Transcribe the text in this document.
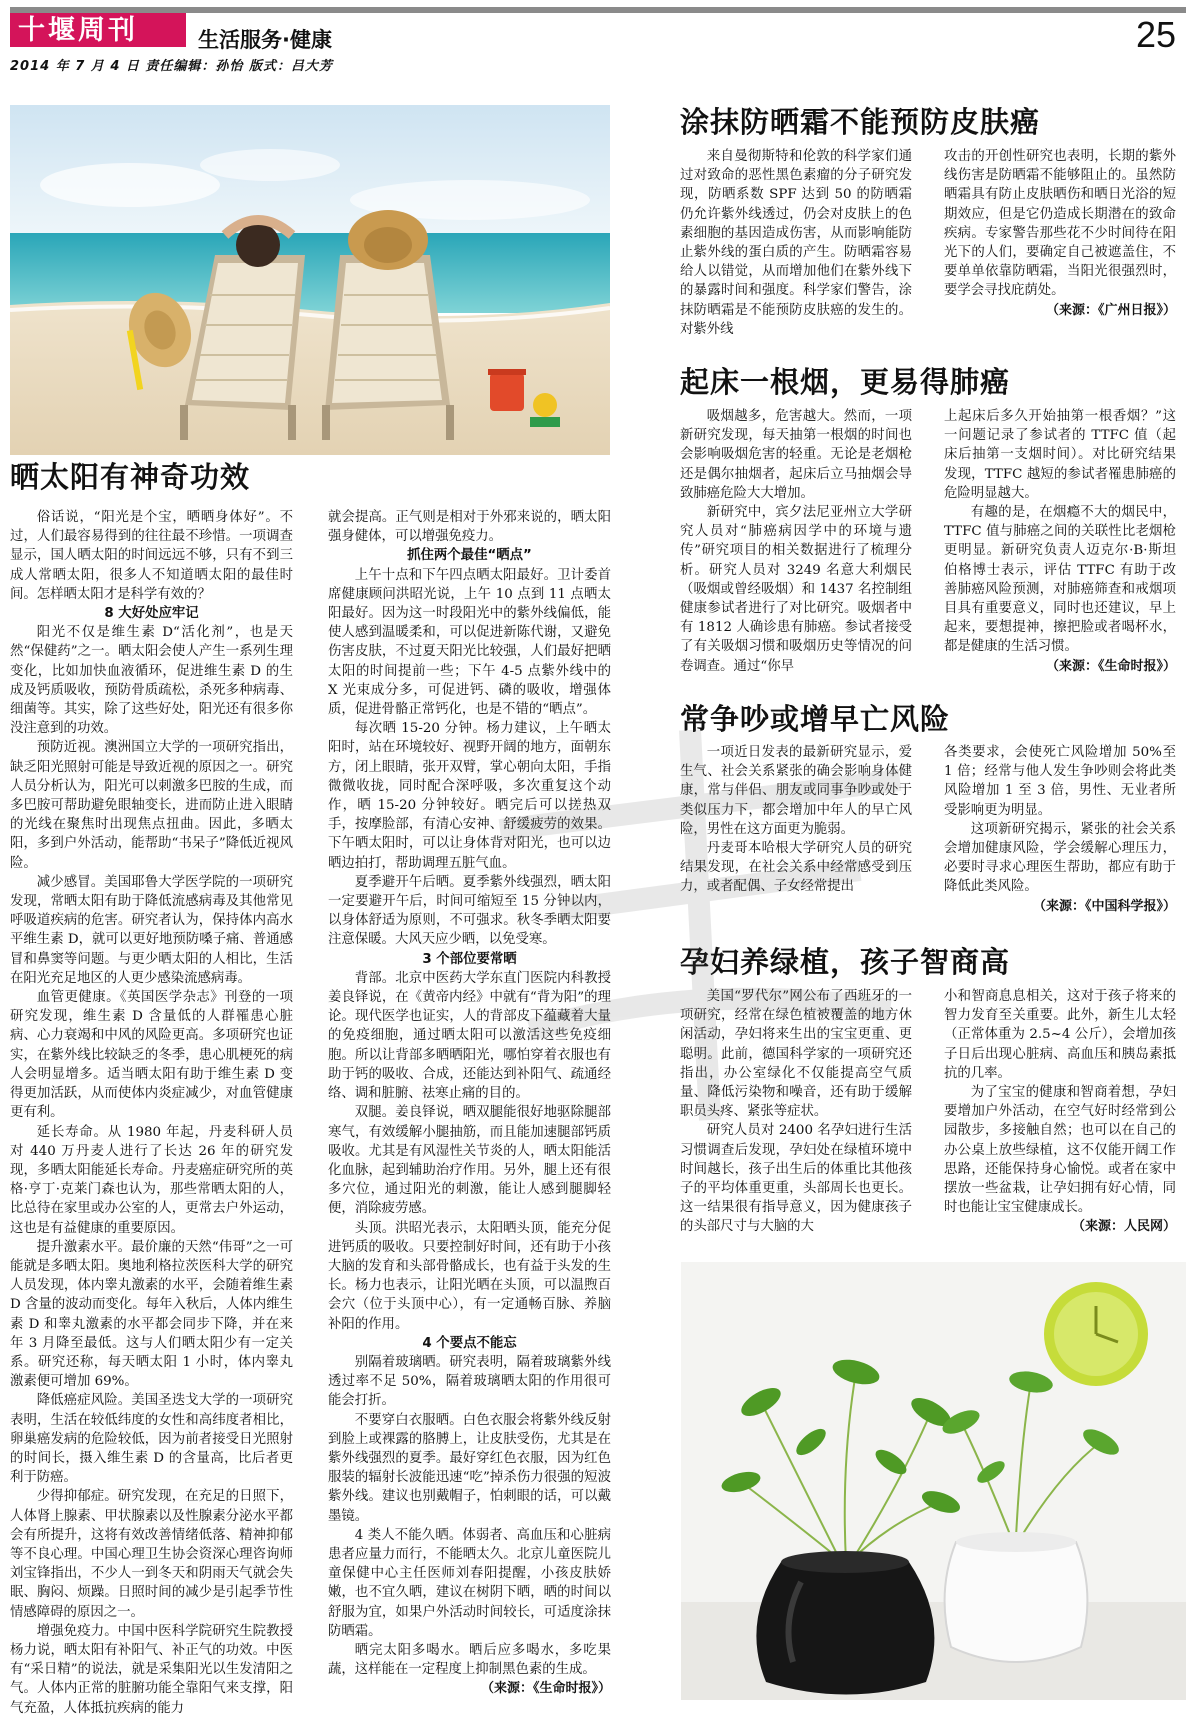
十堰周刊	生活服务·健康	25
2014 年 7 月 4 日 责任编辑：孙怡 版式：吕大芳
晒太阳有神奇功效

俗话说，“阳光是个宝，晒晒身体好”。不过，人们最容易得到的往往最不珍惜。一项调查显示，国人晒太阳的时间远远不够，只有不到三成人常晒太阳，很多人不知道晒太阳的最佳时间。怎样晒太阳才是科学有效的？

8 大好处应牢记

阳光不仅是维生素 D“活化剂”，也是天然“保健药”之一。晒太阳会使人产生一系列生理变化，比如加快血液循环，促进维生素 D 的生成及钙质吸收，预防骨质疏松，杀死多种病毒、细菌等。其实，除了这些好处，阳光还有很多你没注意到的功效。

预防近视。澳洲国立大学的一项研究指出，缺乏阳光照射可能是导致近视的原因之一。研究人员分析认为，阳光可以刺激多巴胺的生成，而多巴胺可帮助避免眼轴变长，进而防止进入眼睛的光线在聚焦时出现焦点扭曲。因此，多晒太阳，多到户外活动，能帮助“书呆子”降低近视风险。

减少感冒。美国耶鲁大学医学院的一项研究发现，常晒太阳有助于降低流感病毒及其他常见呼吸道疾病的危害。研究者认为，保持体内高水平维生素 D，就可以更好地预防嗓子痛、普通感冒和鼻窦等问题。与更少晒太阳的人相比，生活在阳光充足地区的人更少感染流感病毒。

血管更健康。《英国医学杂志》刊登的一项研究发现，维生素 D 含量低的人群罹患心脏病、心力衰竭和中风的风险更高。多项研究也证实，在紫外线比较缺乏的冬季，患心肌梗死的病人会明显增多。适当晒太阳有助于维生素 D 变得更加活跃，从而使体内炎症减少，对血管健康更有利。

延长寿命。从 1980 年起，丹麦科研人员对 440 万丹麦人进行了长达 26 年的研究发现，多晒太阳能延长寿命。丹麦癌症研究所的英格·亨丁·克莱门森也认为，那些常晒太阳的人，比总待在家里或办公室的人，更常去户外运动，这也是有益健康的重要原因。

提升激素水平。最价廉的天然“伟哥”之一可能就是多晒太阳。奥地利格拉茨医科大学的研究人员发现，体内睾丸激素的水平，会随着维生素 D 含量的波动而变化。每年入秋后，人体内维生素 D 和睾丸激素的水平都会同步下降，并在来年 3 月降至最低。这与人们晒太阳少有一定关系。研究还称，每天晒太阳 1 小时，体内睾丸激素便可增加 69%。

降低癌症风险。美国圣迭戈大学的一项研究表明，生活在较低纬度的女性和高纬度者相比，卵巢癌发病的危险较低，因为前者接受日光照射的时间长，摄入维生素 D 的含量高，比后者更利于防癌。

少得抑郁症。研究发现，在充足的日照下，人体肾上腺素、甲状腺素以及性腺素分泌水平都会有所提升，这将有效改善情绪低落、精神抑郁等不良心理。中国心理卫生协会资深心理咨询师刘宝锋指出，不少人一到冬天和阴雨天气就会失眠、胸闷、烦躁。日照时间的减少是引起季节性情感障碍的原因之一。

增强免疫力。中国中医科学院研究生院教授杨力说，晒太阳有补阳气、补正气的功效。中医有“采日精”的说法，就是采集阳光以生发清阳之气。人体内正常的脏腑功能全靠阳气来支撑，阳气充盈，人体抵抗疾病的能力

就会提高。正气则是相对于外邪来说的，晒太阳强身健体，可以增强免疫力。

抓住两个最佳“晒点”

上午十点和下午四点晒太阳最好。卫计委首席健康顾问洪昭光说，上午 10 点到 11 点晒太阳最好。因为这一时段阳光中的紫外线偏低，能使人感到温暖柔和，可以促进新陈代谢，又避免伤害皮肤，不过夏天阳光比较强，人们最好把晒太阳的时间提前一些；下午 4-5 点紫外线中的 X 光束成分多，可促进钙、磷的吸收，增强体质，促进骨骼正常钙化，也是不错的“晒点”。

每次晒 15-20 分钟。杨力建议，上午晒太阳时，站在环境较好、视野开阔的地方，面朝东方，闭上眼睛，张开双臂，掌心朝向太阳，手指微微收拢，同时配合深呼吸，多次重复这个动作，晒 15-20 分钟较好。晒完后可以搓热双手，按摩脸部，有清心安神、舒缓疲劳的效果。下午晒太阳时，可以让身体背对阳光，也可以边晒边拍打，帮助调理五脏气血。

夏季避开午后晒。夏季紫外线强烈，晒太阳一定要避开午后，时间可缩短至 15 分钟以内，以身体舒适为原则，不可强求。秋冬季晒太阳要注意保暖。大风天应少晒，以免受寒。

3 个部位要常晒

背部。北京中医药大学东直门医院内科教授姜良铎说，在《黄帝内经》中就有“背为阳”的理论。现代医学也证实，人的背部皮下蕴藏着大量的免疫细胞，通过晒太阳可以激活这些免疫细胞。所以让背部多晒晒阳光，哪怕穿着衣服也有助于钙的吸收、合成，还能达到补阳气、疏通经络、调和脏腑、祛寒止痛的目的。

双腿。姜良铎说，晒双腿能很好地驱除腿部寒气，有效缓解小腿抽筋，而且能加速腿部钙质吸收。尤其是有风湿性关节炎的人，晒太阳能活化血脉，起到辅助治疗作用。另外，腿上还有很多穴位，通过阳光的刺激，能让人感到腿脚轻便，消除疲劳感。

头顶。洪昭光表示，太阳晒头顶，能充分促进钙质的吸收。只要控制好时间，还有助于小孩大脑的发育和头部骨骼成长，也有益于头发的生长。杨力也表示，让阳光晒在头顶，可以温煦百会穴（位于头顶中心），有一定通畅百脉、养脑补阳的作用。

4 个要点不能忘

别隔着玻璃晒。研究表明，隔着玻璃紫外线透过率不足 50%，隔着玻璃晒太阳的作用很可能会打折。

不要穿白衣服晒。白色衣服会将紫外线反射到脸上或裸露的胳膊上，让皮肤受伤，尤其是在紫外线强烈的夏季。最好穿红色衣服，因为红色服装的辐射长波能迅速“吃”掉杀伤力很强的短波紫外线。建议也别戴帽子，怕刺眼的话，可以戴墨镜。

4 类人不能久晒。体弱者、高血压和心脏病患者应量力而行，不能晒太久。北京儿童医院儿童保健中心主任医师刘春阳提醒，小孩皮肤娇嫩，也不宜久晒，建议在树阴下晒，晒的时间以舒服为宜，如果户外活动时间较长，可适度涂抹防晒霜。

晒完太阳多喝水。晒后应多喝水，多吃果蔬，这样能在一定程度上抑制黑色素的生成。

（来源：《生命时报》）

涂抹防晒霜不能预防皮肤癌

来自曼彻斯特和伦敦的科学家们通过对致命的恶性黑色素瘤的分子研究发现，防晒系数 SPF 达到 50 的防晒霜仍允许紫外线透过，仍会对皮肤上的色素细胞的基因造成伤害，从而影响能防止紫外线的蛋白质的产生。防晒霜容易给人以错觉，从而增加他们在紫外线下的暴露时间和强度。科学家们警告，涂抹防晒霜是不能预防皮肤癌的发生的。对紫外线

攻击的开创性研究也表明，长期的紫外线伤害是防晒霜不能够阻止的。虽然防晒霜具有防止皮肤晒伤和晒日光浴的短期效应，但是它仍造成长期潜在的致命疾病。专家警告那些花不少时间待在阳光下的人们，要确定自己被遮盖住，不要单单依靠防晒霜，当阳光很强烈时，要学会寻找庇荫处。

（来源：《广州日报》）

起床一根烟，更易得肺癌

吸烟越多，危害越大。然而，一项新研究发现，每天抽第一根烟的时间也会影响吸烟危害的轻重。无论是老烟枪还是偶尔抽烟者，起床后立马抽烟会导致肺癌危险大大增加。

新研究中，宾夕法尼亚州立大学研究人员对“肺癌病因学中的环境与遗传”研究项目的相关数据进行了梳理分析。研究人员对 3249 名意大利烟民（吸烟或曾经吸烟）和 1437 名控制组健康参试者进行了对比研究。吸烟者中有 1812 人确诊患有肺癌。参试者接受了有关吸烟习惯和吸烟历史等情况的问卷调查。通过“你早

上起床后多久开始抽第一根香烟？”这一问题记录了参试者的 TTFC 值（起床后抽第一支烟时间）。对比研究结果发现，TTFC 越短的参试者罹患肺癌的危险明显越大。

有趣的是，在烟瘾不大的烟民中，TTFC 值与肺癌之间的关联性比老烟枪更明显。新研究负责人迈克尔·B·斯坦伯格博士表示，评估 TTFC 有助于改善肺癌风险预测，对肺癌筛查和戒烟项目具有重要意义，同时也还建议，早上起来，要想提神，擦把脸或者喝杯水，都是健康的生活习惯。

（来源：《生命时报》）

常争吵或增早亡风险

一项近日发表的最新研究显示，爱生气、社会关系紧张的确会影响身体健康，常与伴侣、朋友或同事争吵或处于类似压力下，都会增加中年人的早亡风险，男性在这方面更为脆弱。

丹麦哥本哈根大学研究人员的研究结果发现，在社会关系中经常感受到压力，或者配偶、子女经常提出

各类要求，会使死亡风险增加 50%至 1 倍；经常与他人发生争吵则会将此类风险增加 1 至 3 倍，男性、无业者所受影响更为明显。

这项新研究揭示，紧张的社会关系会增加健康风险，学会缓解心理压力，必要时寻求心理医生帮助，都应有助于降低此类风险。

（来源：《中国科学报》）

孕妇养绿植，孩子智商高

美国“罗代尔”网公布了西班牙的一项研究，经常在绿色植被覆盖的地方休闲活动，孕妇将来生出的宝宝更重、更聪明。此前，德国科学家的一项研究还指出，办公室绿化不仅能提高空气质量、降低污染物和噪音，还有助于缓解职员头疼、紧张等症状。

研究人员对 2400 名孕妇进行生活习惯调查后发现，孕妇处在绿植环境中时间越长，孩子出生后的体重比其他孩子的平均体重更重，头部周长也更长。这一结果很有指导意义，因为健康孩子的头部尺寸与大脑的大

小和智商息息相关，这对于孩子将来的智力发育至关重要。此外，新生儿太轻（正常体重为 2.5~4 公斤），会增加孩子日后出现心脏病、高血压和胰岛素抵抗的几率。

为了宝宝的健康和智商着想，孕妇要增加户外活动，在空气好时经常到公园散步，多接触自然；也可以在自己的办公桌上放些绿植，这不仅能开阔工作思路，还能保持身心愉悦。或者在家中摆放一些盆栽，让孕妇拥有好心情，同时也能让宝宝健康成长。

（来源：人民网）
